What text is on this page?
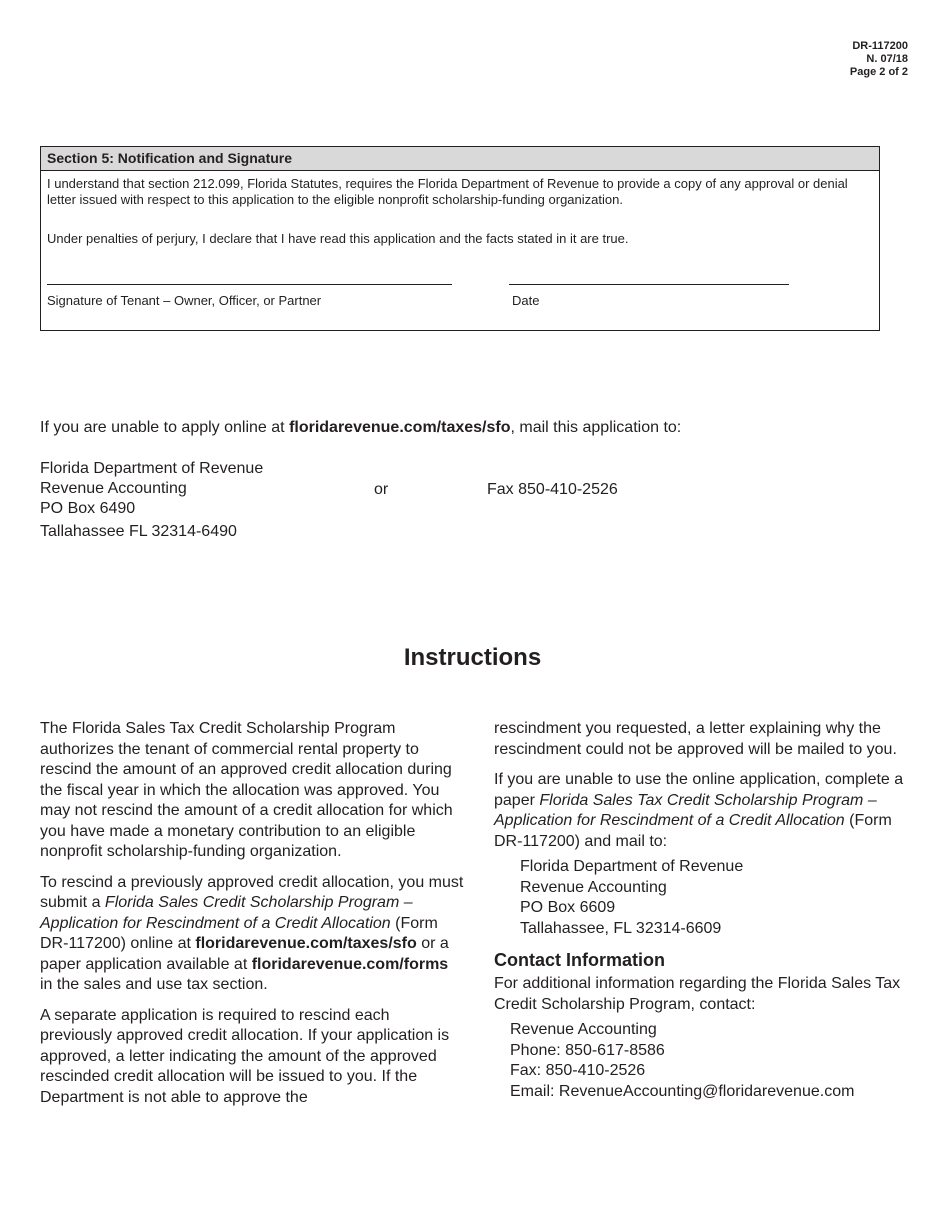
DR-117200
N. 07/18
Page 2 of 2
Section 5: Notification and Signature
I understand that section 212.099, Florida Statutes, requires the Florida Department of Revenue to provide a copy of any approval or denial letter issued with respect to this application to the eligible nonprofit scholarship-funding organization.
Under penalties of perjury, I declare that I have read this application and the facts stated in it are true.
Signature of Tenant – Owner, Officer, or Partner	Date
If you are unable to apply online at floridarevenue.com/taxes/sfo, mail this application to:
Florida Department of Revenue
Revenue Accounting
PO Box 6490
Tallahassee FL 32314-6490
or	Fax 850-410-2526
Instructions

The Florida Sales Tax Credit Scholarship Program authorizes the tenant of commercial rental property to rescind the amount of an approved credit allocation during the fiscal year in which the allocation was approved. You may not rescind the amount of a credit allocation for which you have made a monetary contribution to an eligible nonprofit scholarship-funding organization.

To rescind a previously approved credit allocation, you must submit a Florida Sales Credit Scholarship Program – Application for Rescindment of a Credit Allocation (Form DR-117200) online at floridarevenue.com/taxes/sfo or a paper application available at floridarevenue.com/forms in the sales and use tax section.

A separate application is required to rescind each previously approved credit allocation. If your application is approved, a letter indicating the amount of the approved rescinded credit allocation will be issued to you. If the Department is not able to approve the

rescindment you requested, a letter explaining why the rescindment could not be approved will be mailed to you.

If you are unable to use the online application, complete a paper Florida Sales Tax Credit Scholarship Program – Application for Rescindment of a Credit Allocation (Form DR-117200) and mail to:

Florida Department of Revenue

Revenue Accounting

PO Box 6609

Tallahassee, FL 32314-6609

Contact Information

For additional information regarding the Florida Sales Tax Credit Scholarship Program, contact:

Revenue Accounting

Phone: 850-617-8586

Fax: 850-410-2526

Email: RevenueAccounting@floridarevenue.com
